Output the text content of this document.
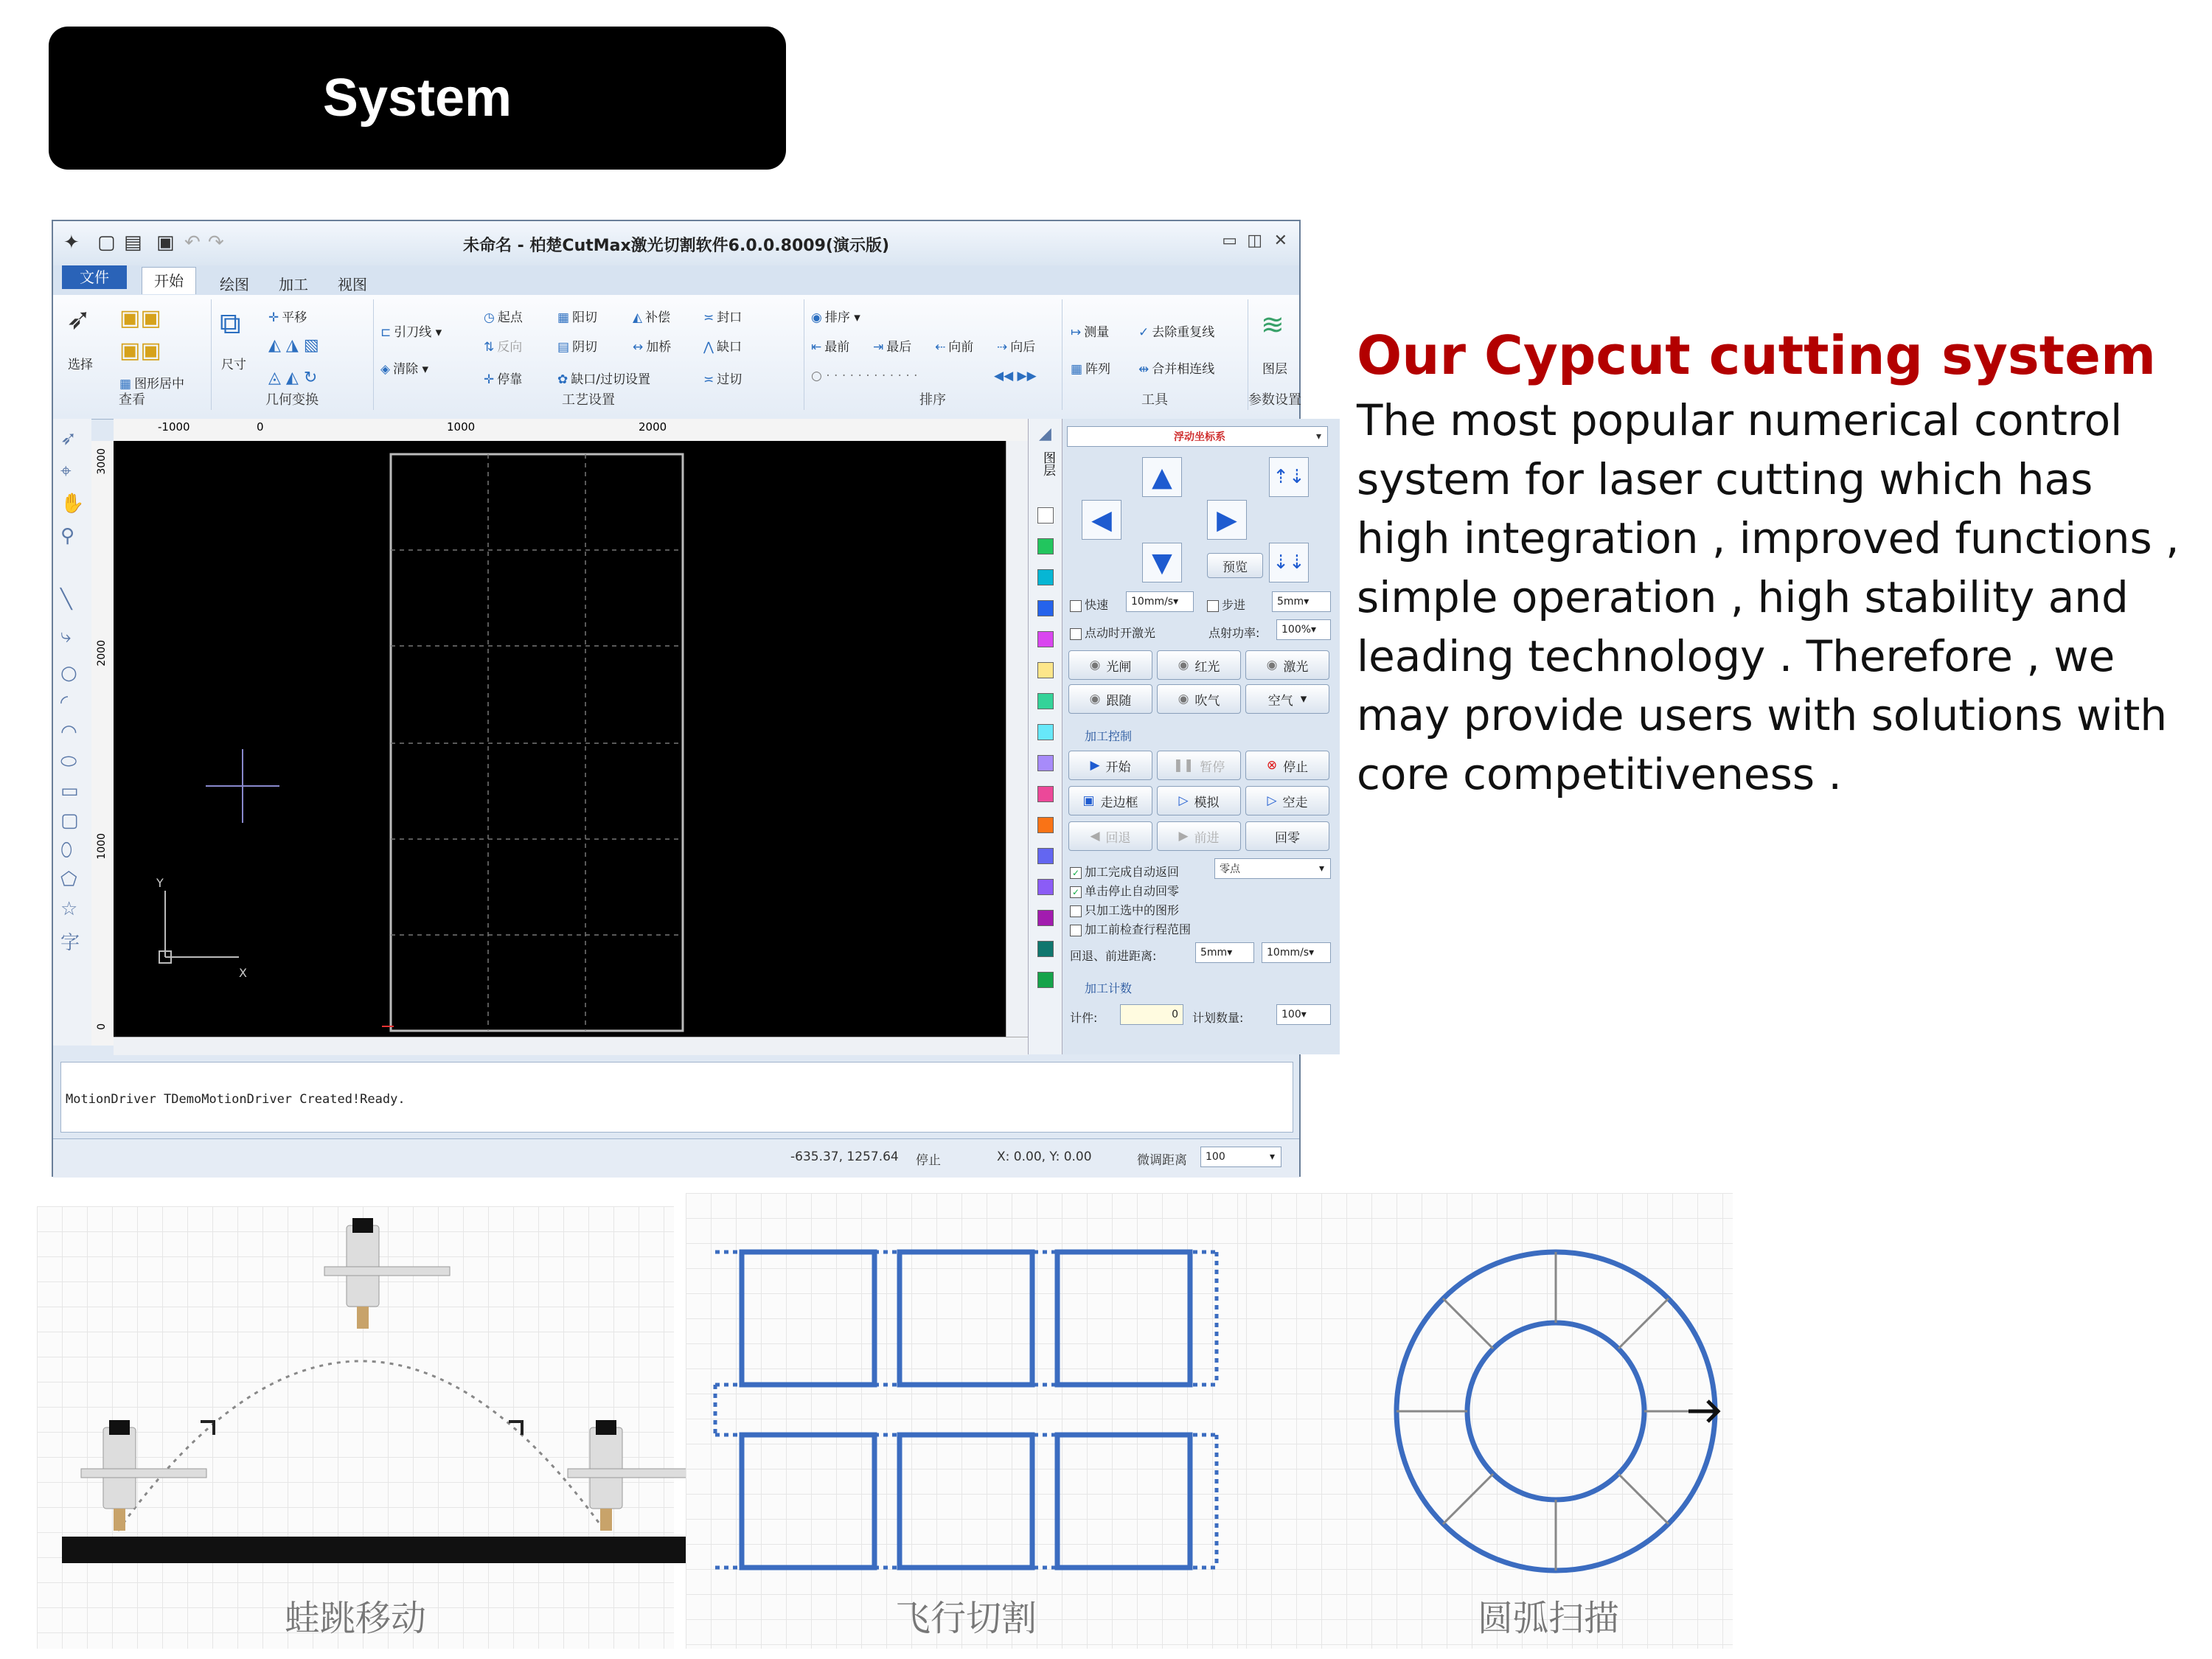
System
Our Cypcut cutting system
The most popular numerical control system for laser cutting which has high integration , improved functions , simple operation , high stability and leading technology . Therefore , we may provide users with solutions with core competitiveness .
✦ ▢ ▤ ▣ ↶ ↷	未命名 - 柏楚CutMax激光切割软件6.0.0.8009(演示版)	▭ ◫ ✕
文件	开始	绘图	加工	视图
➶
选择
▣▣
▣▣
▦ 图形居中
查看
⧉
尺寸
✛ 平移
◭ ◮ ▧
◬ ◭ ↻
几何变换
⊏ 引刀线 ▾
◈ 清除 ▾
◷ 起点
⇅ 反向
✛ 停靠
▦ 阳切
▤ 阴切
✿ 缺口/过切设置
◭ 补偿
↔ 加桥
≍ 封口
⋀ 缺口
≍ 过切
工艺设置
◉ 排序 ▾
⇤ 最前 ⇥ 最后 ⇠ 向前 ⇢ 向后
○ · · · · · · · · · · · ·	◀◀ ▶▶
排序
↦ 测量 ✓ 去除重复线
▦ 阵列 ⇹ 合并相连线
工具
≋
图层
参数设置
➶
⌖
✋
⚲
╲
⤷
○
◜
◠
⬭
▭
▢
⬯
⬠
☆
字
-1000	0	1000	2000
3000
2000
1000
0
Y
X
◢
图层
浮动坐标系	▾
▲
◀	▶
▼
⇡⇣
⇣⇣
预览
快速 10mm/s ▾	步进	5mm ▾
点动时开激光	点射功率: 100% ▾
◉ 光闸	◉ 红光	◉ 激光
◉ 跟随	◉ 吹气	空气 ▾
加工控制
▶ 开始	❚❚ 暂停	⊗ 停止
▣ 走边框	▷ 模拟	▷ 空走
◀ 回退	▶ 前进	回零
✓ 加工完成自动返回	零点	▾
✓ 单击停止自动回零
只加工选中的图形
加工前检查行程范围
回退、前进距离:	5mm ▾	10mm/s ▾
加工计数
计件:	0	计划数量:	100 ▾
MotionDriver TDemoMotionDriver Created!Ready.
-635.37, 1257.64 停止	X: 0.00, Y: 0.00	微调距离 100	▾
蛙跳移动	飞行切割	圆弧扫描
